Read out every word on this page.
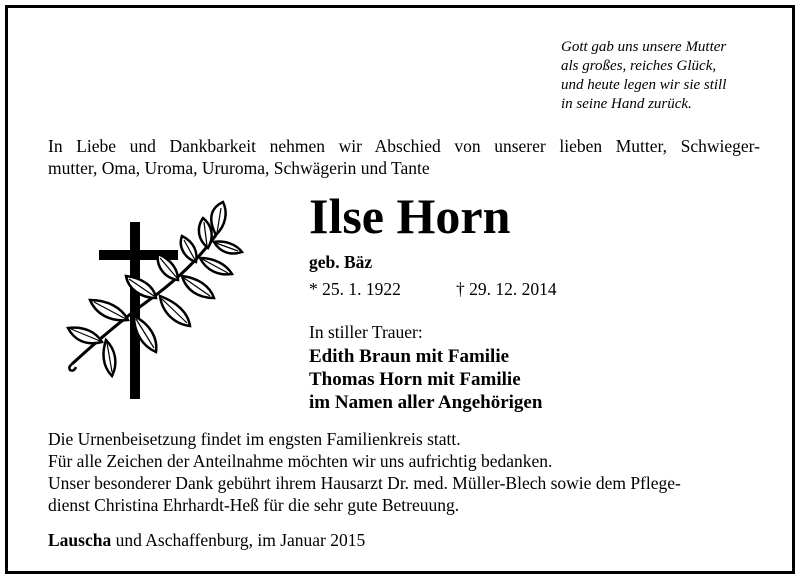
Gott gab uns unsere Mutter
als großes, reiches Glück,
und heute legen wir sie still
in seine Hand zurück.
In Liebe und Dankbarkeit nehmen wir Abschied von unserer lieben Mutter, Schwieger-
mutter, Oma, Uroma, Ururoma, Schwägerin und Tante
Ilse Horn
geb. Bäz
* 25. 1. 1922	† 29. 12. 2014
In stiller Trauer:
Edith Braun mit Familie
Thomas Horn mit Familie
im Namen aller Angehörigen
Die Urnenbeisetzung findet im engsten Familienkreis statt.
Für alle Zeichen der Anteilnahme möchten wir uns aufrichtig bedanken.
Unser besonderer Dank gebührt ihrem Hausarzt Dr. med. Müller-Blech sowie dem Pflege-
dienst Christina Ehrhardt-Heß für die sehr gute Betreuung.
Lauscha und Aschaffenburg, im Januar 2015
